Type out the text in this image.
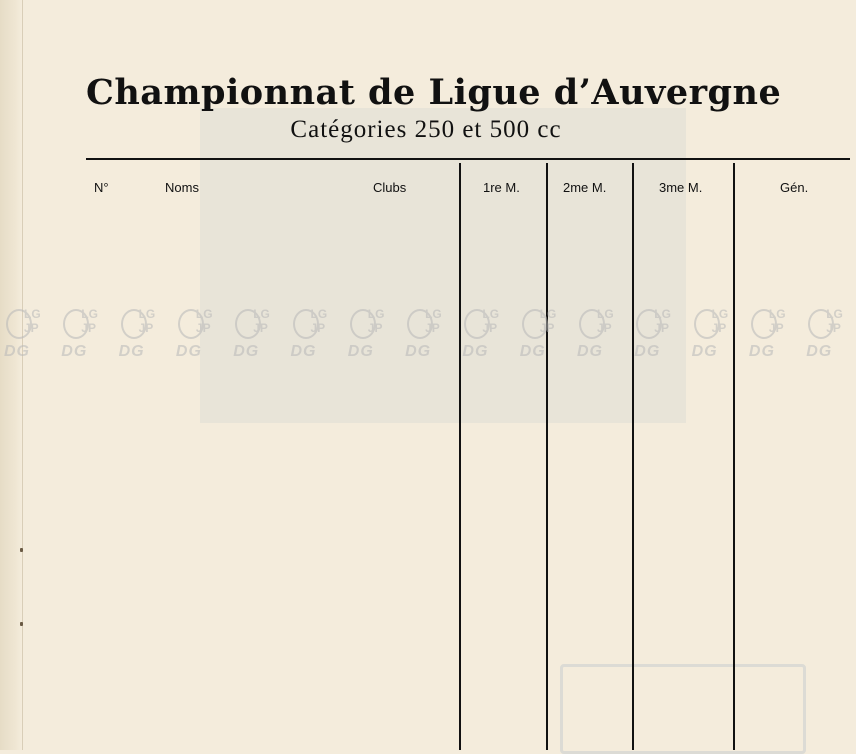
Championnat de Ligue d’Auvergne
Catégories 250 et 500 cc
N°	Noms	Clubs	1re M.	2me M.	3me M.	Gén.
LG
JP
DG
LG
JP
DG
LG
JP
DG
LG
JP
DG
LG
JP
DG
LG
JP
DG
LG
JP
DG
LG
JP
DG
LG
JP
DG
LG
JP
DG
LG
JP
DG
LG
JP
DG
LG
JP
DG
LG
JP
DG
LG
JP
DG
